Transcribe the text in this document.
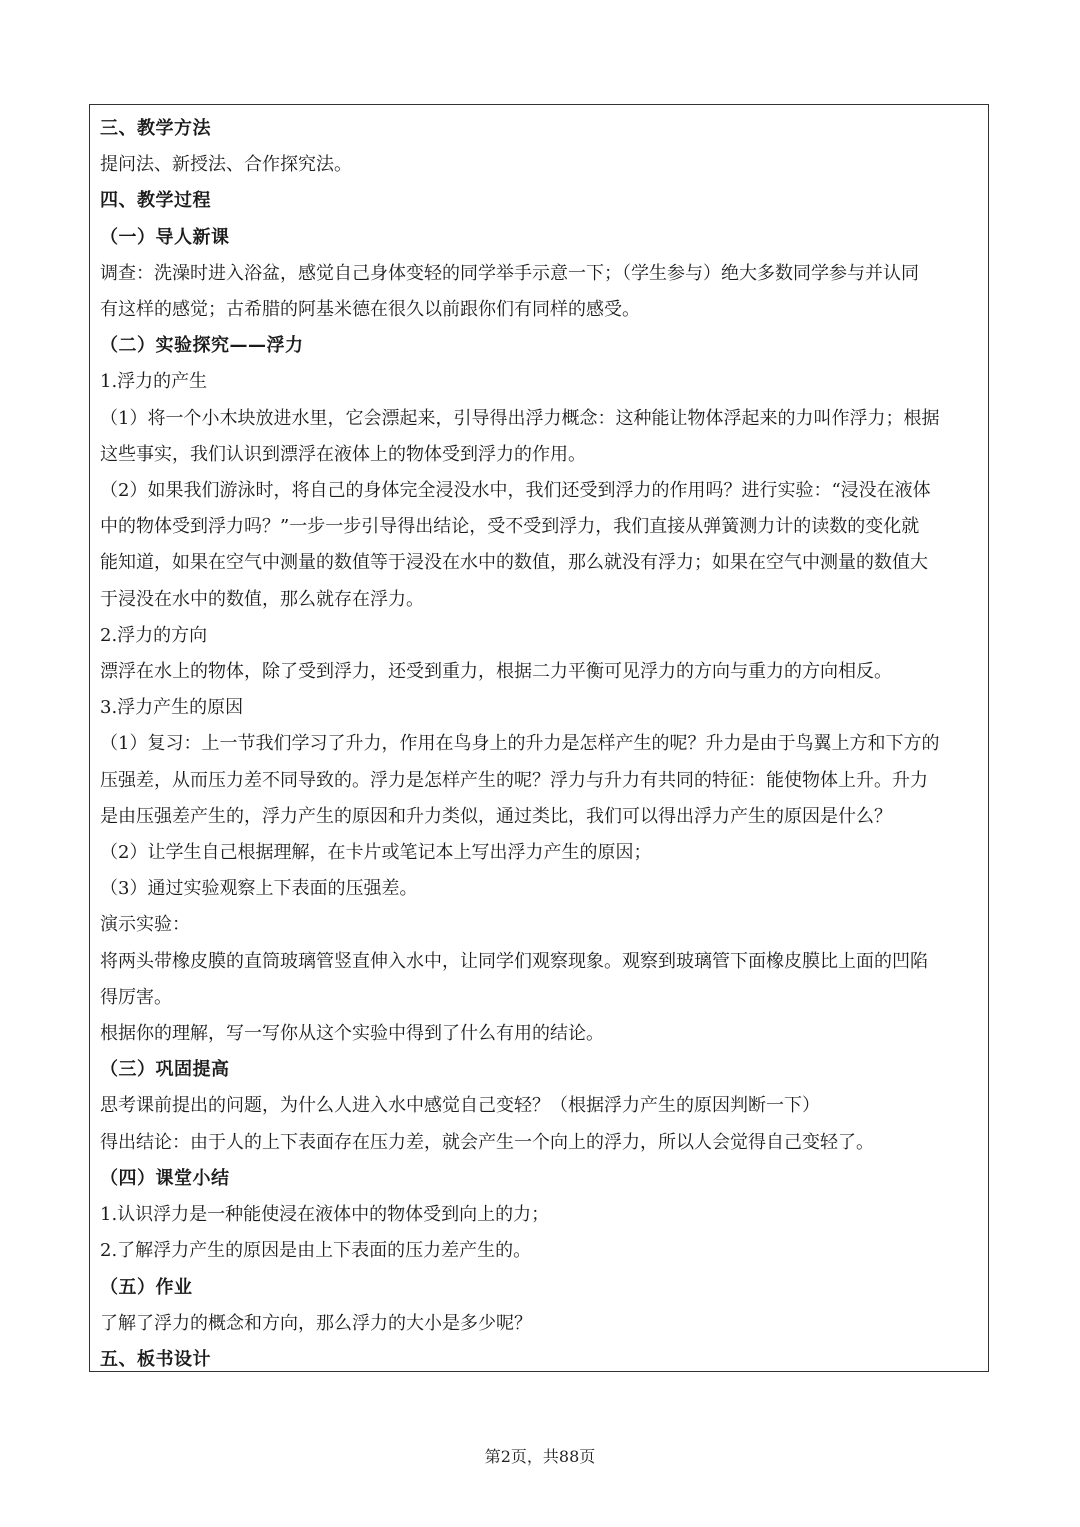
三、教学方法
提问法、新授法、合作探究法。
四、教学过程
（一）导人新课
调查：洗澡时进入浴盆，感觉自己身体变轻的同学举手示意一下；（学生参与）绝大多数同学参与并认同
有这样的感觉；古希腊的阿基米德在很久以前跟你们有同样的感受。
（二）实验探究——浮力
1.浮力的产生
（1）将一个小木块放进水里，它会漂起来，引导得出浮力概念：这种能让物体浮起来的力叫作浮力；根据
这些事实，我们认识到漂浮在液体上的物体受到浮力的作用。
（2）如果我们游泳时，将自己的身体完全浸没水中，我们还受到浮力的作用吗？进行实验：“浸没在液体
中的物体受到浮力吗？”一步一步引导得出结论，受不受到浮力，我们直接从弹簧测力计的读数的变化就
能知道，如果在空气中测量的数值等于浸没在水中的数值，那么就没有浮力；如果在空气中测量的数值大
于浸没在水中的数值，那么就存在浮力。
2.浮力的方向
漂浮在水上的物体，除了受到浮力，还受到重力，根据二力平衡可见浮力的方向与重力的方向相反。
3.浮力产生的原因
（1）复习：上一节我们学习了升力，作用在鸟身上的升力是怎样产生的呢？升力是由于鸟翼上方和下方的
压强差，从而压力差不同导致的。浮力是怎样产生的呢？浮力与升力有共同的特征：能使物体上升。升力
是由压强差产生的，浮力产生的原因和升力类似，通过类比，我们可以得出浮力产生的原因是什么？
（2）让学生自己根据理解，在卡片或笔记本上写出浮力产生的原因；
（3）通过实验观察上下表面的压强差。
演示实验：
将两头带橡皮膜的直筒玻璃管竖直伸入水中，让同学们观察现象。观察到玻璃管下面橡皮膜比上面的凹陷
得厉害。
根据你的理解，写一写你从这个实验中得到了什么有用的结论。
（三）巩固提高
思考课前提出的问题，为什么人进入水中感觉自己变轻？（根据浮力产生的原因判断一下）
得出结论：由于人的上下表面存在压力差，就会产生一个向上的浮力，所以人会觉得自己变轻了。
（四）课堂小结
1.认识浮力是一种能使浸在液体中的物体受到向上的力；
2.了解浮力产生的原因是由上下表面的压力差产生的。
（五）作业
了解了浮力的概念和方向，那么浮力的大小是多少呢？
五、板书设计
第2页，共88页
